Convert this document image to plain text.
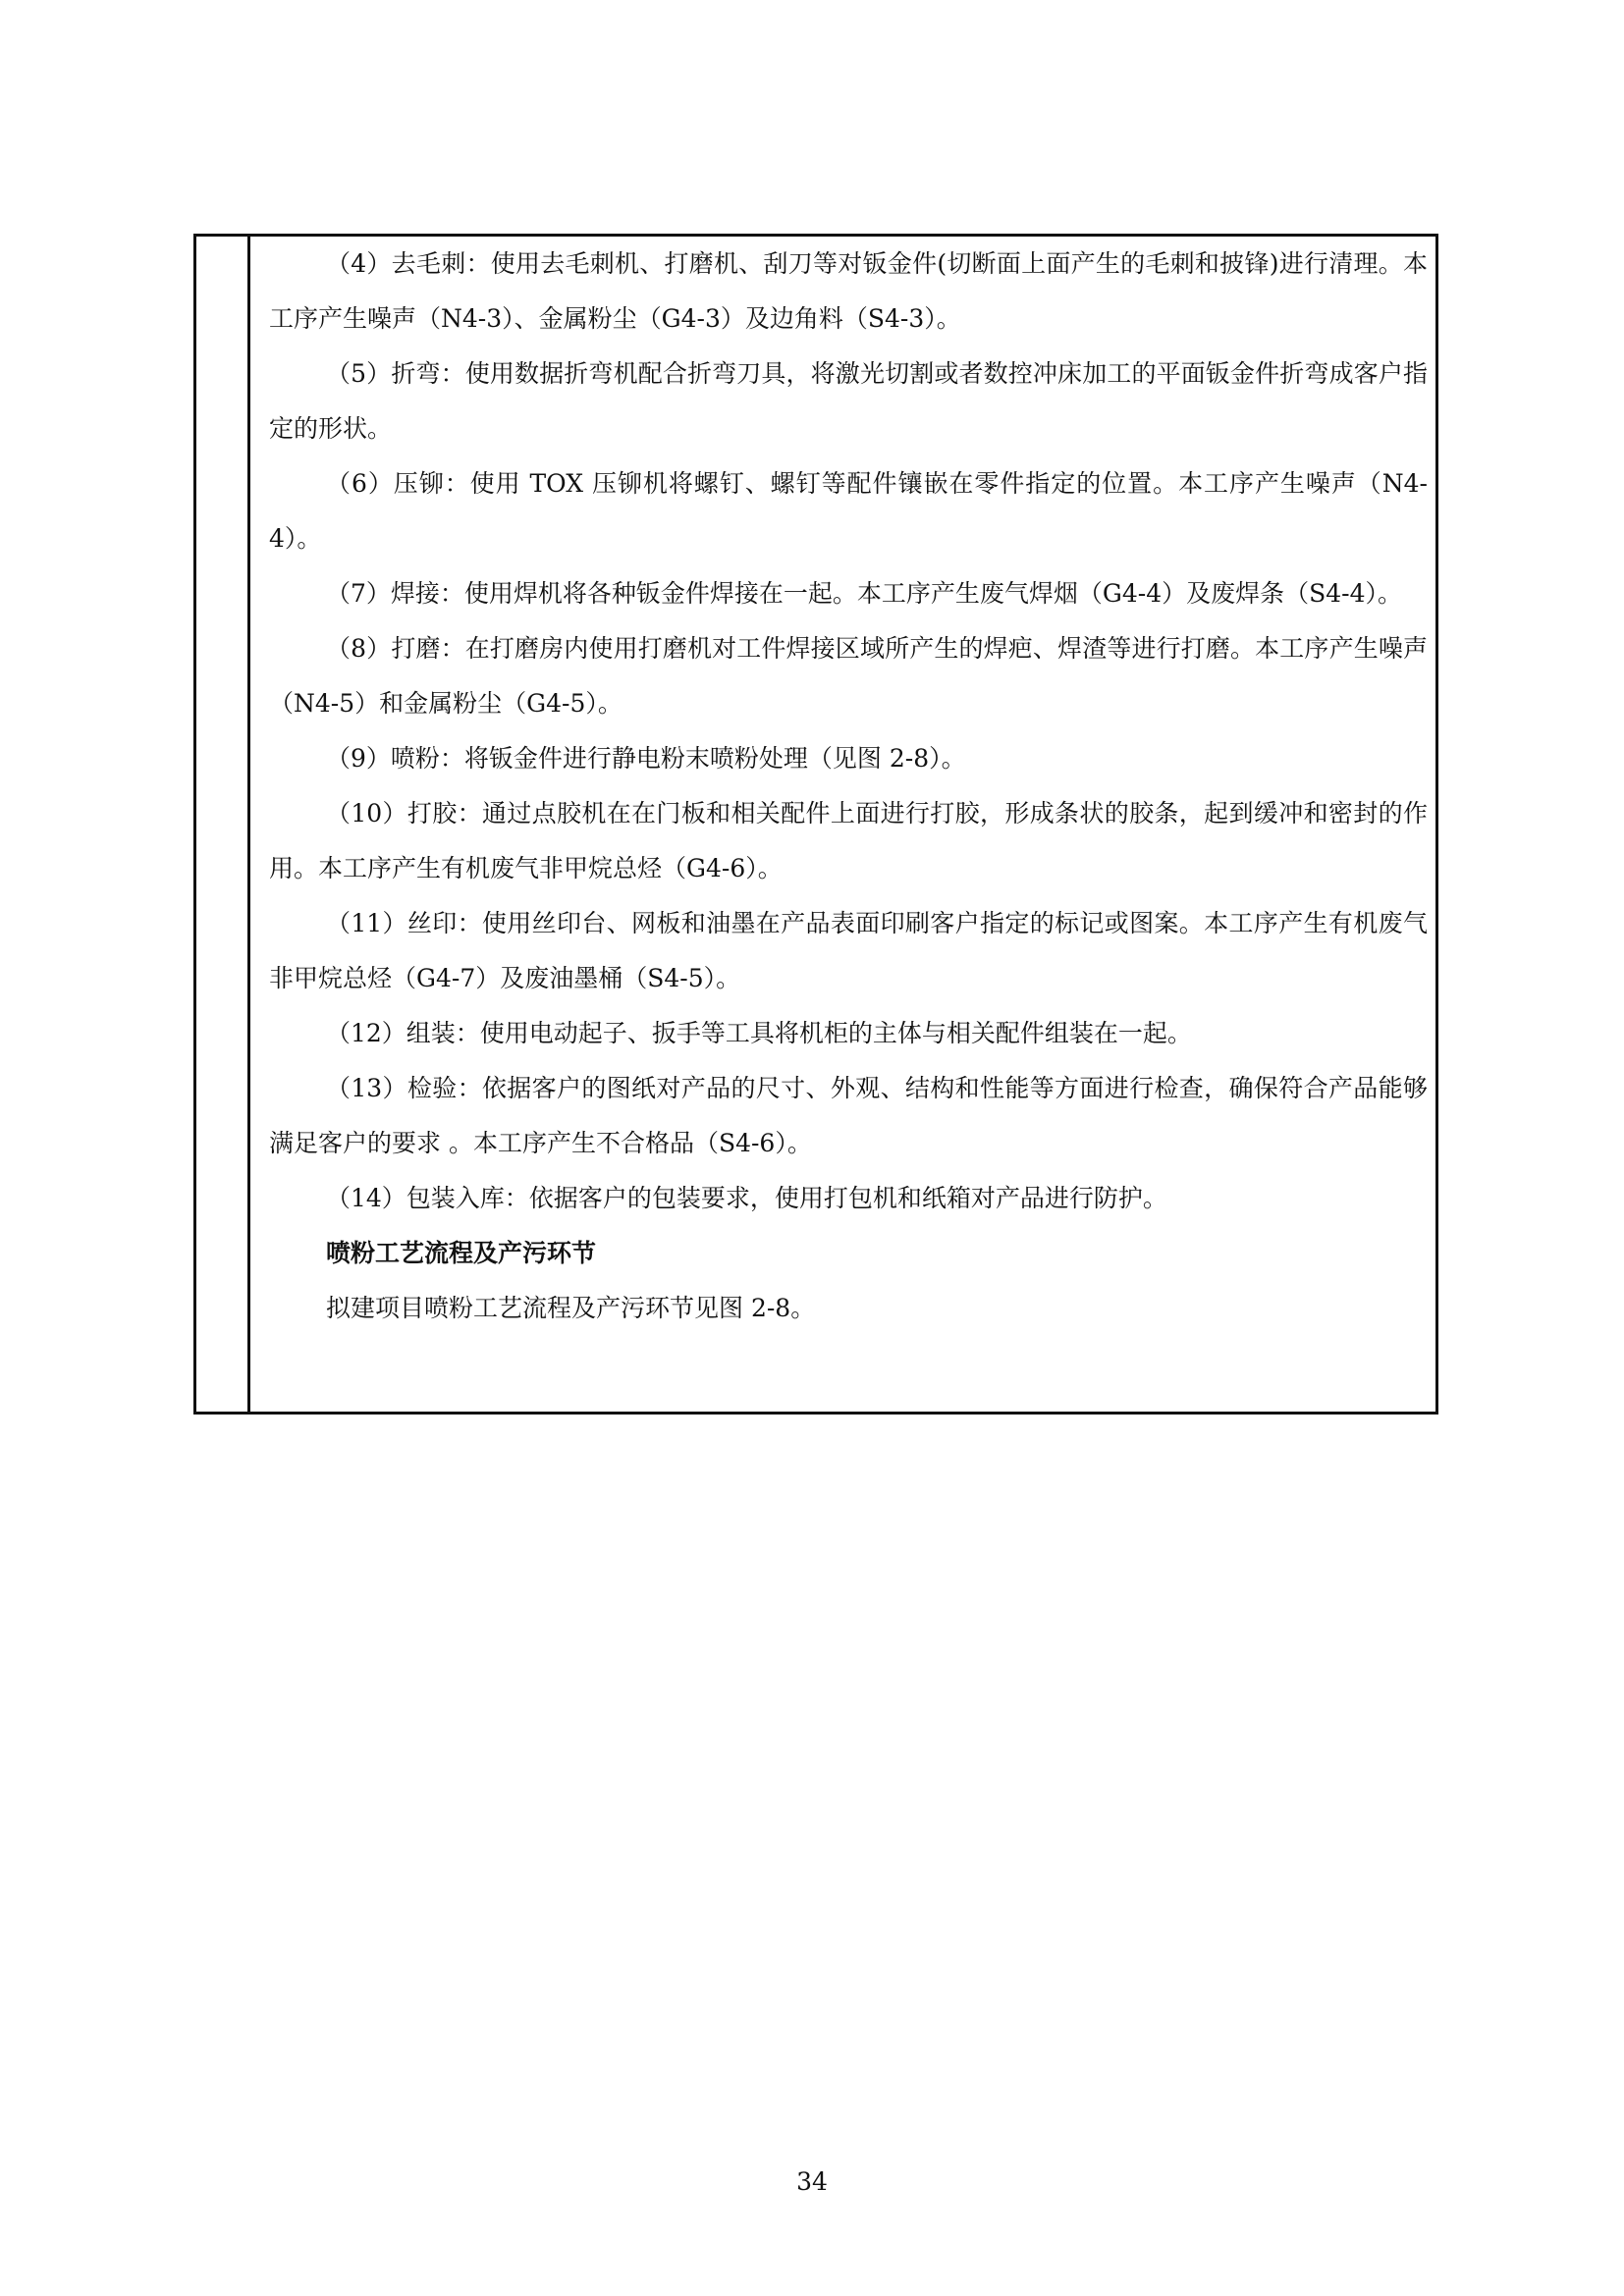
（4）去毛刺：使用去毛刺机、打磨机、刮刀等对钣金件(切断面上面产生的毛刺和披锋)进行清理。本工序产生噪声（N4-3）、金属粉尘（G4-3）及边角料（S4-3）。

（5）折弯：使用数据折弯机配合折弯刀具，将激光切割或者数控冲床加工的平面钣金件折弯成客户指定的形状。

（6）压铆：使用 TOX 压铆机将螺钉、螺钉等配件镶嵌在零件指定的位置。本工序产生噪声（N4-4）。

（7）焊接：使用焊机将各种钣金件焊接在一起。本工序产生废气焊烟（G4-4）及废焊条（S4-4）。

（8）打磨：在打磨房内使用打磨机对工件焊接区域所产生的焊疤、焊渣等进行打磨。本工序产生噪声（N4-5）和金属粉尘（G4-5）。

（9）喷粉：将钣金件进行静电粉末喷粉处理（见图 2-8）。

（10）打胶：通过点胶机在在门板和相关配件上面进行打胶，形成条状的胶条，起到缓冲和密封的作用。本工序产生有机废气非甲烷总烃（G4-6）。

（11）丝印：使用丝印台、网板和油墨在产品表面印刷客户指定的标记或图案。本工序产生有机废气非甲烷总烃（G4-7）及废油墨桶（S4-5）。

（12）组装：使用电动起子、扳手等工具将机柜的主体与相关配件组装在一起。

（13）检验：依据客户的图纸对产品的尺寸、外观、结构和性能等方面进行检查，确保符合产品能够满足客户的要求 。本工序产生不合格品（S4-6）。

（14）包装入库：依据客户的包装要求，使用打包机和纸箱对产品进行防护。

喷粉工艺流程及产污环节

拟建项目喷粉工艺流程及产污环节见图 2-8。

34
